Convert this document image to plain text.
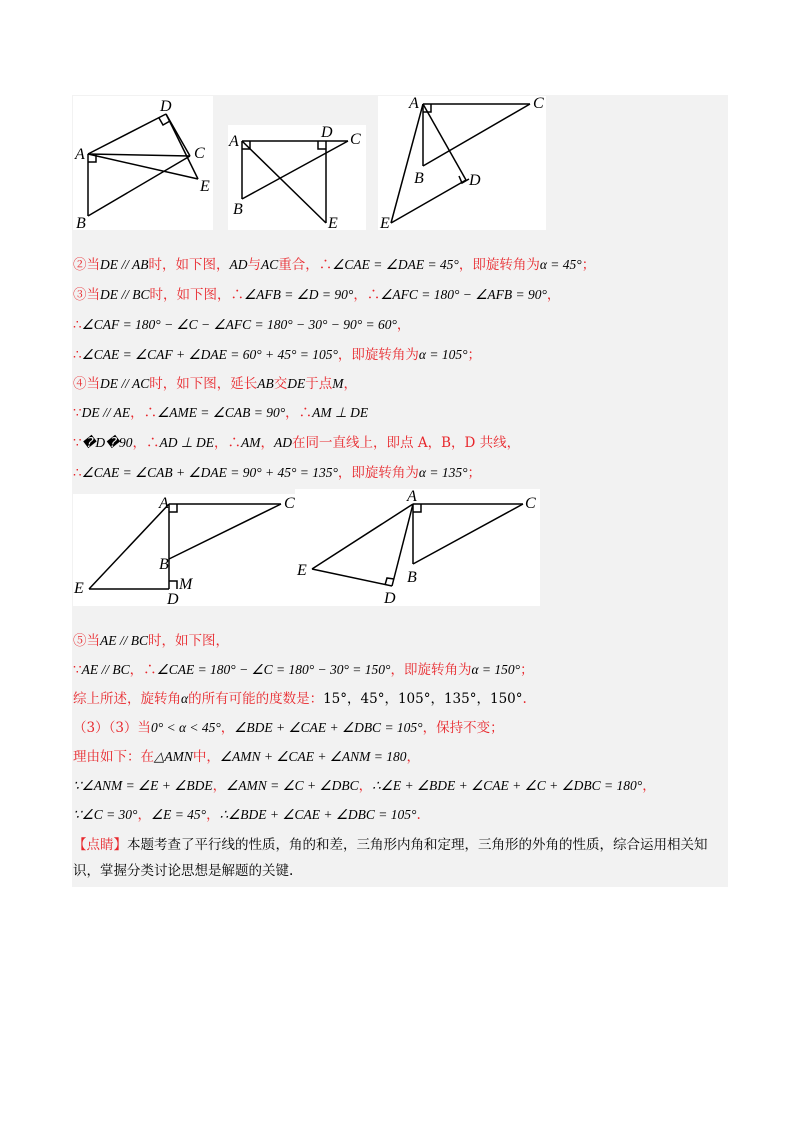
A
D
C
E
B
A
D C
B
E
A	C
B	D
E
②当DE // AB时，如下图，AD与AC重合，∴∠CAE = ∠DAE = 45°，即旋转角为α = 45°；
③当DE // BC时，如下图，∴∠AFB = ∠D = 90°，∴∠AFC = 180° − ∠AFB = 90°，
∴∠CAF = 180° − ∠C − ∠AFC = 180° − 30° − 90° = 60°，
∴∠CAE = ∠CAF + ∠DAE = 60° + 45° = 105°，即旋转角为α = 105°；
④当DE // AC时，如下图，延长AB交DE于点M，
∵DE // AE，∴∠AME = ∠CAB = 90°，∴AM ⊥ DE
∵�D�90，∴AD ⊥ DE，∴AM，AD在同一直线上，即点 A，B，D 共线，
∴∠CAE = ∠CAB + ∠DAE = 90° + 45° = 135°，即旋转角为α = 135°；
A	C
B
M
E
D
A	C
E	B
D
⑤当AE // BC时，如下图，
∵AE // BC，∴∠CAE = 180° − ∠C = 180° − 30° = 150°，即旋转角为α = 150°；
综上所述，旋转角α的所有可能的度数是：15°，45°，105°，135°，150°.
（3）（3）当0° < α < 45°，∠BDE + ∠CAE + ∠DBC = 105°，保持不变；
理由如下：在△AMN中，∠AMN + ∠CAE + ∠ANM = 180，
∵∠ANM = ∠E + ∠BDE，∠AMN = ∠C + ∠DBC，∴∠E + ∠BDE + ∠CAE + ∠C + ∠DBC = 180°，
∵∠C = 30°，∠E = 45°，∴∠BDE + ∠CAE + ∠DBC = 105°.
【点睛】本题考查了平行线的性质，角的和差，三角形内角和定理，三角形的外角的性质，综合运用相关知识，掌握分类讨论思想是解题的关键.
